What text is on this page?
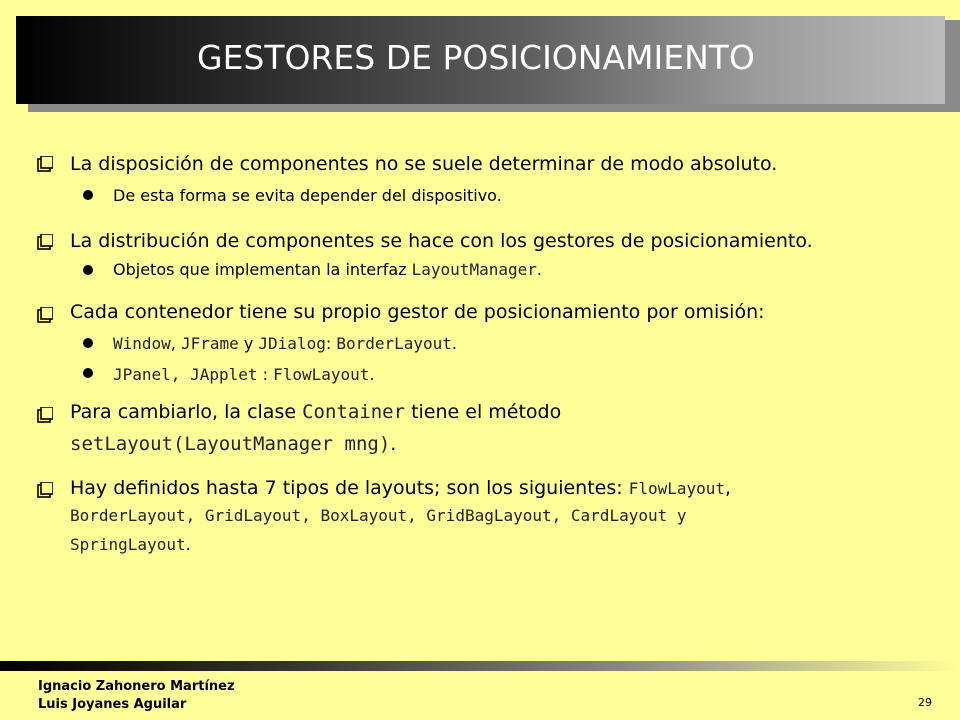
GESTORES DE POSICIONAMIENTO
La disposición de componentes no se suele determinar de modo absoluto.
De esta forma se evita depender del dispositivo.
La distribución de componentes se hace con los gestores de posicionamiento.
Objetos que implementan la interfaz LayoutManager.
Cada contenedor tiene su propio gestor de posicionamiento por omisión:
Window, JFrame y JDialog: BorderLayout.
JPanel, JApplet : FlowLayout.
Para cambiarlo, la clase Container tiene el método
setLayout(LayoutManager mng).
Hay definidos hasta 7 tipos de layouts; son los siguientes: FlowLayout,
BorderLayout, GridLayout, BoxLayout, GridBagLayout, CardLayout y
SpringLayout.
Ignacio Zahonero Martínez
Luis Joyanes Aguilar	29
